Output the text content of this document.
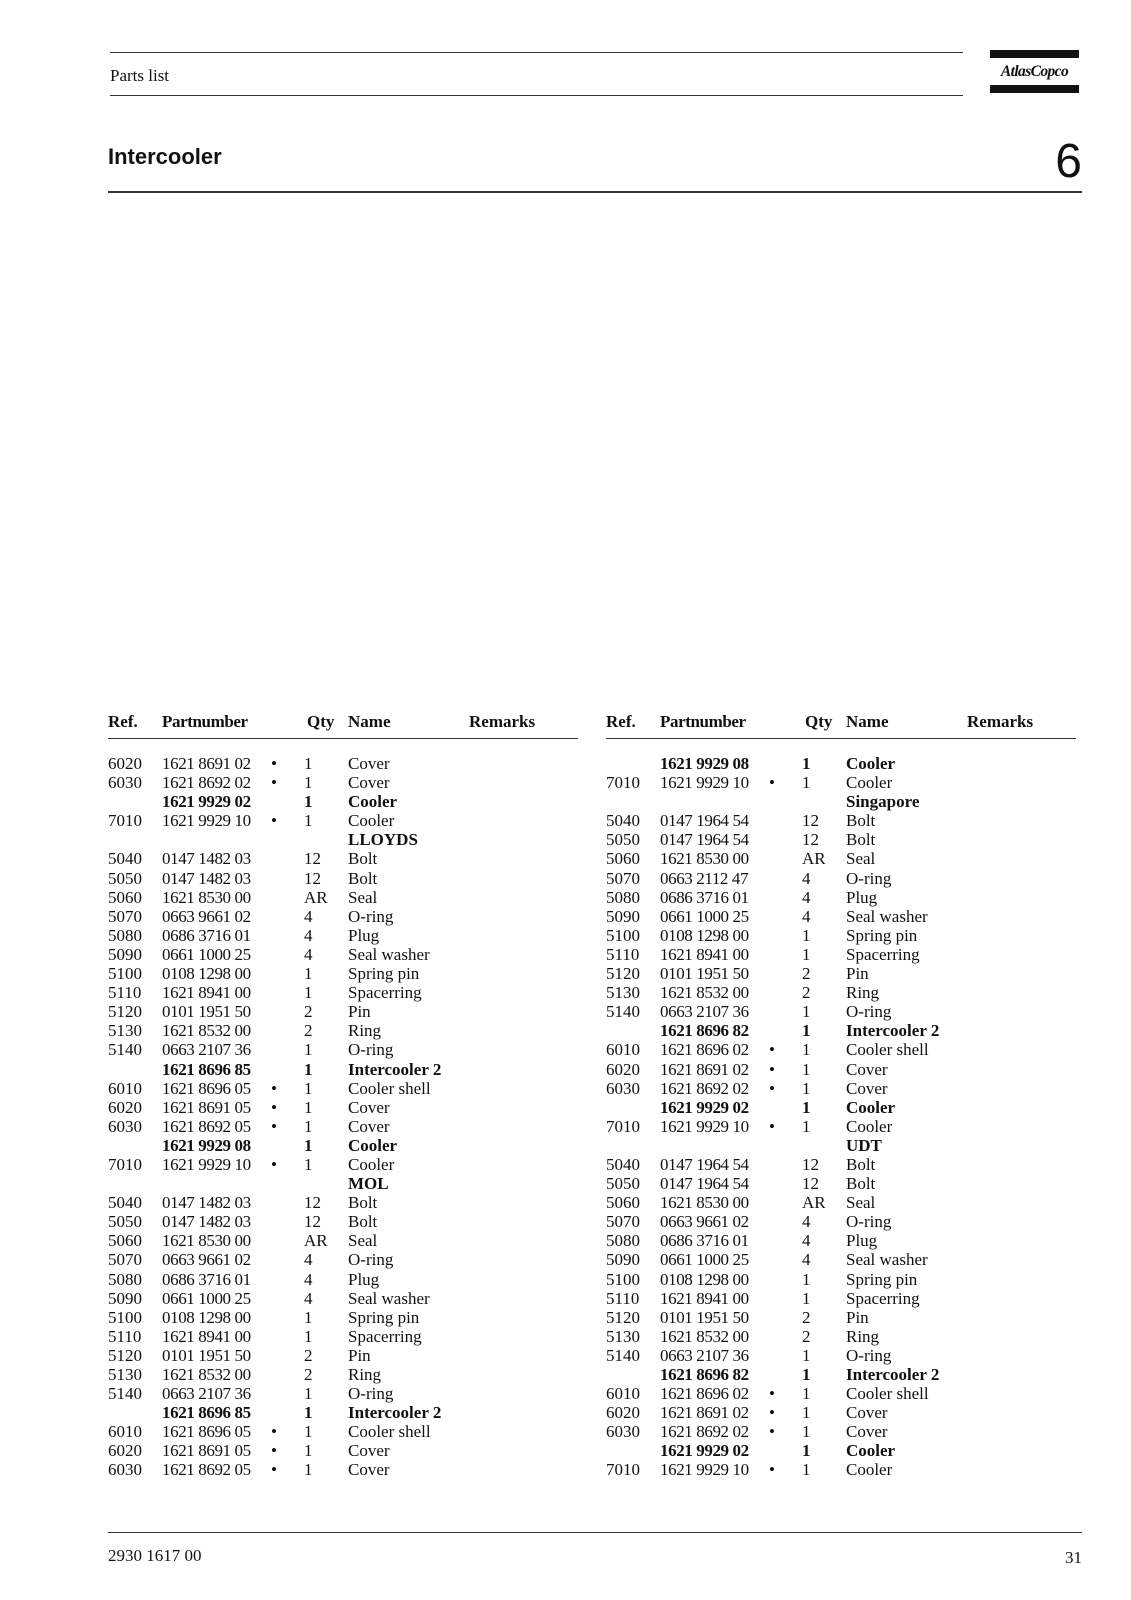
Parts list	AtlasCopco
Intercooler	6
Ref. Partnumber	Qty Name	Remarks
6020 1621 8691 02 • 1 Cover
6030 1621 8692 02 • 1 Cover
1621 9929 02	1 Cooler
7010 1621 9929 10 • 1 Cooler
LLOYDS
5040 0147 1482 03	12 Bolt
5050 0147 1482 03	12 Bolt
5060 1621 8530 00	AR Seal
5070 0663 9661 02	4 O-ring
5080 0686 3716 01	4 Plug
5090 0661 1000 25	4 Seal washer
5100 0108 1298 00	1 Spring pin
5110 1621 8941 00	1 Spacerring
5120 0101 1951 50	2 Pin
5130 1621 8532 00	2 Ring
5140 0663 2107 36	1 O-ring
1621 8696 85	1 Intercooler 2
6010 1621 8696 05 • 1 Cooler shell
6020 1621 8691 05 • 1 Cover
6030 1621 8692 05 • 1 Cover
1621 9929 08	1 Cooler
7010 1621 9929 10 • 1 Cooler
MOL
5040 0147 1482 03	12 Bolt
5050 0147 1482 03	12 Bolt
5060 1621 8530 00	AR Seal
5070 0663 9661 02	4 O-ring
5080 0686 3716 01	4 Plug
5090 0661 1000 25	4 Seal washer
5100 0108 1298 00	1 Spring pin
5110 1621 8941 00	1 Spacerring
5120 0101 1951 50	2 Pin
5130 1621 8532 00	2 Ring
5140 0663 2107 36	1 O-ring
1621 8696 85	1 Intercooler 2
6010 1621 8696 05 • 1 Cooler shell
6020 1621 8691 05 • 1 Cover
6030 1621 8692 05 • 1 Cover
Ref. Partnumber	Qty Name	Remarks
1621 9929 08	1 Cooler
7010 1621 9929 10 • 1 Cooler
Singapore
5040 0147 1964 54	12 Bolt
5050 0147 1964 54	12 Bolt
5060 1621 8530 00	AR Seal
5070 0663 2112 47	4 O-ring
5080 0686 3716 01	4 Plug
5090 0661 1000 25	4 Seal washer
5100 0108 1298 00	1 Spring pin
5110 1621 8941 00	1 Spacerring
5120 0101 1951 50	2 Pin
5130 1621 8532 00	2 Ring
5140 0663 2107 36	1 O-ring
1621 8696 82	1 Intercooler 2
6010 1621 8696 02 • 1 Cooler shell
6020 1621 8691 02 • 1 Cover
6030 1621 8692 02 • 1 Cover
1621 9929 02	1 Cooler
7010 1621 9929 10 • 1 Cooler
UDT
5040 0147 1964 54	12 Bolt
5050 0147 1964 54	12 Bolt
5060 1621 8530 00	AR Seal
5070 0663 9661 02	4 O-ring
5080 0686 3716 01	4 Plug
5090 0661 1000 25	4 Seal washer
5100 0108 1298 00	1 Spring pin
5110 1621 8941 00	1 Spacerring
5120 0101 1951 50	2 Pin
5130 1621 8532 00	2 Ring
5140 0663 2107 36	1 O-ring
1621 8696 82	1 Intercooler 2
6010 1621 8696 02 • 1 Cooler shell
6020 1621 8691 02 • 1 Cover
6030 1621 8692 02 • 1 Cover
1621 9929 02	1 Cooler
7010 1621 9929 10 • 1 Cooler
2930 1617 00	31
